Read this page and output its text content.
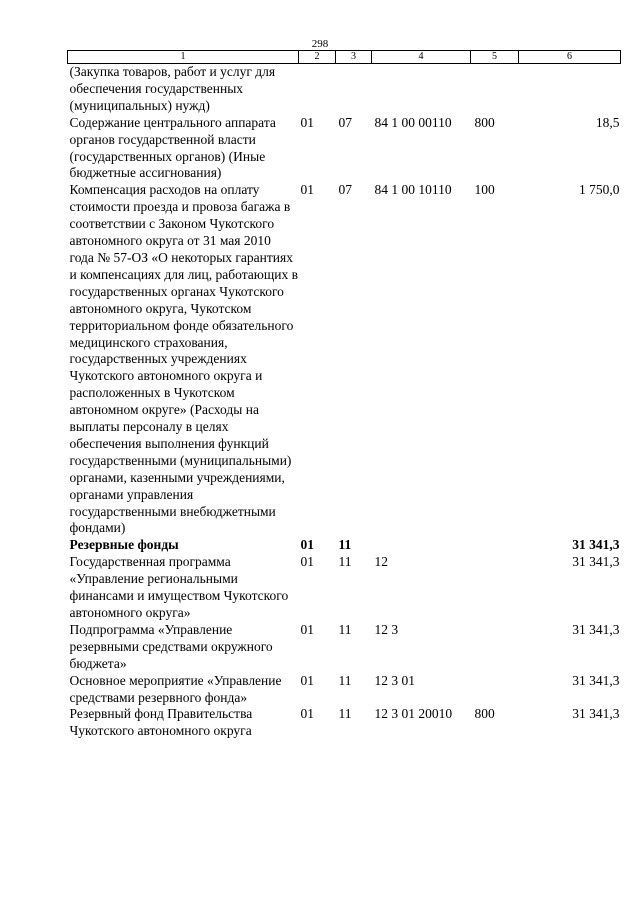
298
1	2	3	4	5	6
(Закупка товаров, работ и услуг для обеспечения государственных (муниципальных) нужд)					
Содержание центрального аппарата органов государственной власти (государственных органов) (Иные бюджетные ассигнования)	01	07	84 1 00 00110	800	18,5
Компенсация расходов на оплату стоимости проезда и провоза багажа в соответствии с Законом Чукотского автономного округа от 31 мая 2010 года № 57-ОЗ «О некоторых гарантиях и компенсациях для лиц, работающих в государственных органах Чукотского автономного округа, Чукотском территориальном фонде обязательного медицинского страхования, государственных учреждениях Чукотского автономного округа и расположенных в Чукотском автономном округе» (Расходы на выплаты персоналу в целях обеспечения выполнения функций государственными (муниципальными) органами, казенными учреждениями, органами управления государственными внебюджетными фондами)	01	07	84 1 00 10110	100	1 750,0
Резервные фонды	01	11			31 341,3
Государственная программа «Управление региональными финансами и имуществом Чукотского автономного округа»	01	11	12		31 341,3
Подпрограмма «Управление резервными средствами окружного бюджета»	01	11	12 3		31 341,3
Основное мероприятие «Управление средствами резервного фонда»	01	11	12 3 01		31 341,3
Резервный фонд Правительства Чукотского автономного округа	01	11	12 3 01 20010	800	31 341,3
